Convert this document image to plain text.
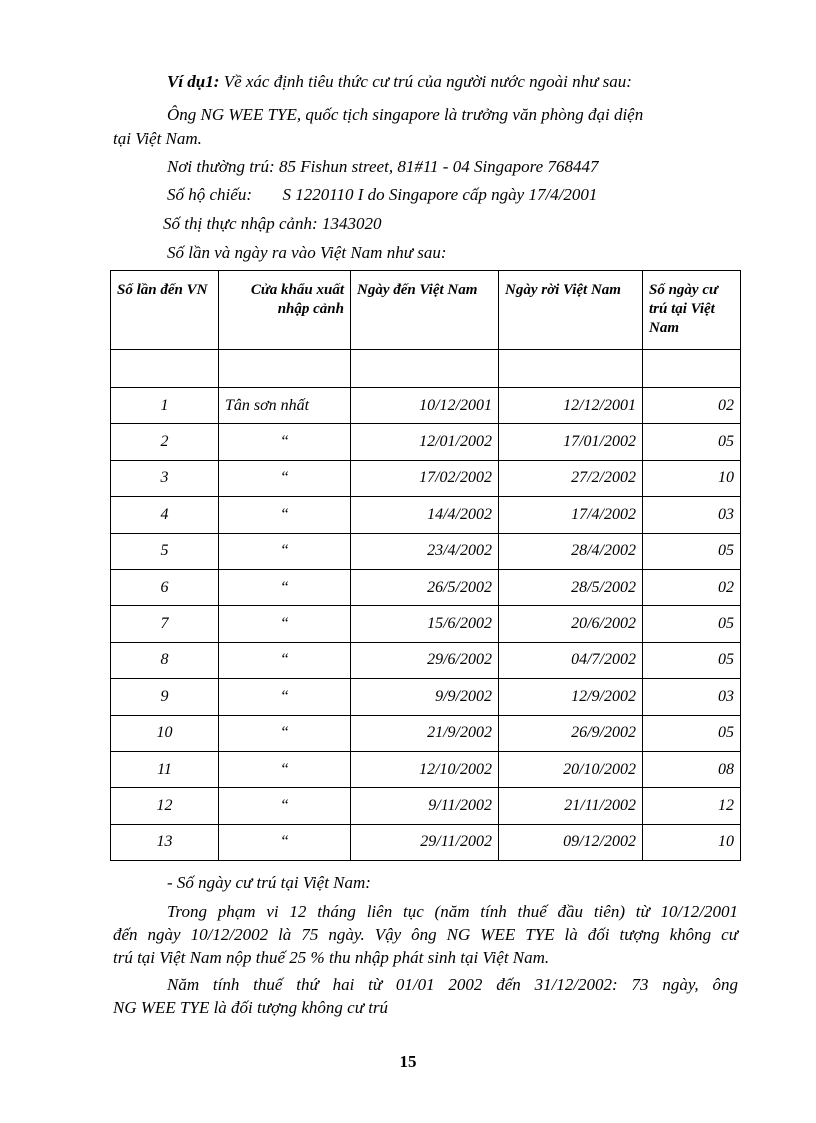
Ví dụ1: Về xác định tiêu thức cư trú của người nước ngoài như sau:
Ông NG WEE TYE, quốc tịch singapore là trưởng văn phòng đại diện
tại Việt Nam.
Nơi thường trú: 85 Fishun street, 81#11 - 04 Singapore 768447
Số hộ chiếu: S 1220110 I do Singapore cấp ngày 17/4/2001
Số thị thực nhập cảnh: 1343020
Số lần và ngày ra vào Việt Nam như sau:
Số lần đến VN	Cửa khẩu xuất nhập cảnh	Ngày đến Việt Nam	Ngày rời Việt Nam	Số ngày cư trú tại Việt Nam

1	Tân sơn nhất	10/12/2001	12/12/2001	02
2	“	12/01/2002	17/01/2002	05
3	“	17/02/2002	27/2/2002	10
4	“	14/4/2002	17/4/2002	03
5	“	23/4/2002	28/4/2002	05
6	“	26/5/2002	28/5/2002	02
7	“	15/6/2002	20/6/2002	05
8	“	29/6/2002	04/7/2002	05
9	“	9/9/2002	12/9/2002	03
10	“	21/9/2002	26/9/2002	05
11	“	12/10/2002	20/10/2002	08
12	“	9/11/2002	21/11/2002	12
13	“	29/11/2002	09/12/2002	10
- Số ngày cư trú tại Việt Nam:
Trong phạm vi 12 tháng liên tục (năm tính thuế đầu tiên) từ 10/12/2001
đến ngày 10/12/2002 là 75 ngày. Vậy ông NG WEE TYE là đối tượng không cư
trú tại Việt Nam nộp thuế 25 % thu nhập phát sinh tại Việt Nam.
Năm tính thuế thứ hai từ 01/01 2002 đến 31/12/2002: 73 ngày, ông
NG WEE TYE là đối tượng không cư trú
15
